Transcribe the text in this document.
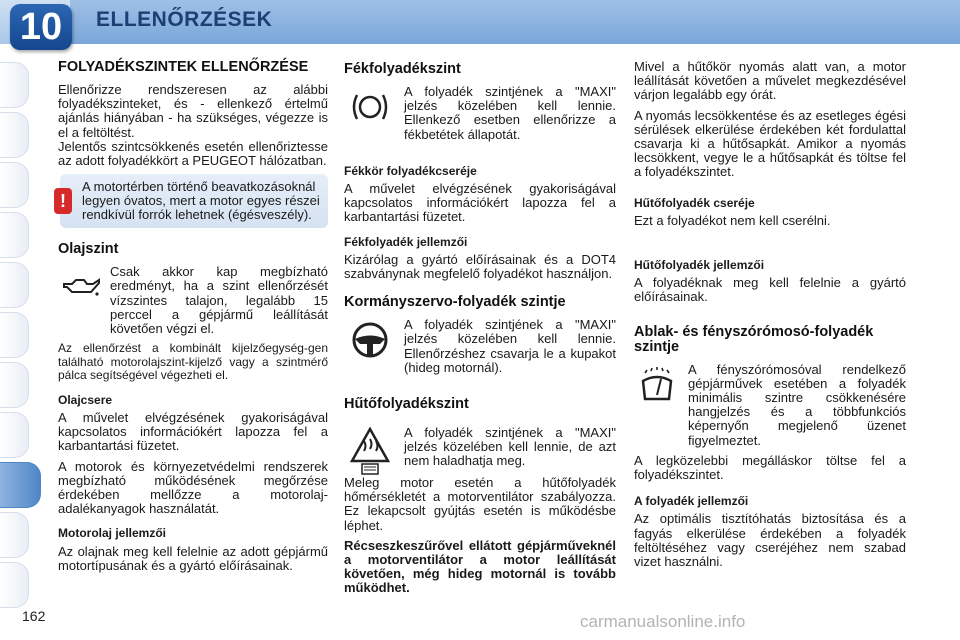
10	ELLENŐRZÉSEK
FOLYADÉKSZINTEK ELLENŐRZÉSE

Ellenőrizze rendszeresen az alábbi folyadékszinteket, és - ellenkező értelmű ajánlás hiányában - ha szükséges, végezze is el a feltöltést.

Jelentős szintcsökkenés esetén ellenőriztesse az adott folyadékkört a PEUGEOT hálózatban.

!
A motortérben történő beavatkozásoknál legyen óvatos, mert a motor egyes részei rendkívül forrók lehetnek (égésveszély).
Olajszint

Csak akkor kap megbízható eredményt, ha a szint ellenőrzését vízszintes talajon, legalább 15 perccel a gépjármű leállítását követően végzi el.

Az ellenőrzést a kombinált kijelzőegység-gen található motorolajszint-kijelző vagy a szintmérő pálca segítségével végezheti el.

Olajcsere

A művelet elvégzésének gyakoriságával kapcsolatos információkért lapozza fel a karbantartási füzetet.

A motorok és környezetvédelmi rendszerek megbízható működésének megőrzése érdekében mellőzze a motorolaj-adalékanyagok használatát.

Motorolaj jellemzői

Az olajnak meg kell felelnie az adott gépjármű motortípusának és a gyártó előírásainak.

Fékfolyadékszint

A folyadék szintjének a "MAXI" jelzés közelében kell lennie. Ellenkező esetben ellenőrizze a fékbetétek állapotát.

Fékkör folyadékcseréje

A művelet elvégzésének gyakoriságával kapcsolatos információkért lapozza fel a karbantartási füzetet.

Fékfolyadék jellemzői

Kizárólag a gyártó előírásainak és a DOT4 szabványnak megfelelő folyadékot használjon.

Kormányszervo-folyadék szintje

A folyadék szintjének a "MAXI" jelzés közelében kell lennie. Ellenőrzéshez csavarja le a kupakot (hideg motornál).

Hűtőfolyadékszint

A folyadék szintjének a "MAXI" jelzés közelében kell lennie, de azt nem haladhatja meg.

Meleg motor esetén a hűtőfolyadék hőmérsékletét a motorventilátor szabályozza. Ez lekapcsolt gyújtás esetén is működésbe léphet.

Récseszkeszűrővel ellátott gépjárműveknél a motorventilátor a motor leállítását követően, még hideg motornál is tovább működhet.

Mivel a hűtőkör nyomás alatt van, a motor leállítását követően a művelet megkezdésével várjon legalább egy órát.

A nyomás lecsökkentése és az esetleges égési sérülések elkerülése érdekében két fordulattal csavarja ki a hűtősapkát. Amikor a nyomás lecsökkent, vegye le a hűtősapkát és töltse fel a folyadékszintet.

Hűtőfolyadék cseréje

Ezt a folyadékot nem kell cserélni.

Hűtőfolyadék jellemzői

A folyadéknak meg kell felelnie a gyártó előírásainak.

Ablak- és fényszórómosó-folyadék szintje

A fényszórómosóval rendelkező gépjárművek esetében a folyadék minimális szintre csökkenésére hangjelzés és a többfunkciós képernyőn megjelenő üzenet figyelmeztet.

A legközelebbi megálláskor töltse fel a folyadékszintet.

A folyadék jellemzői

Az optimális tisztítóhatás biztosítása és a fagyás elkerülése érdekében a folyadék feltöltéséhez vagy cseréjéhez nem szabad vizet használni.

162	carmanualsonline.info
